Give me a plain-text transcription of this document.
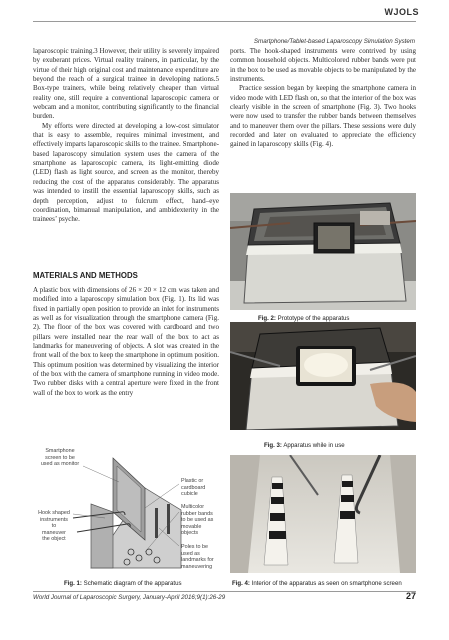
WJOLS
Smartphone/Tablet-based Laparoscopy Simulation System

laparoscopic training.3 However, their utility is severely impaired by exuberant prices. Virtual reality trainers, in particular, by the virtue of their high original cost and maintenance expenditure are beyond the reach of a surgical trainee in developing nations.5 Box-type trainers, while being relatively cheaper than virtual reality one, still require a conventional laparoscopic camera or webcam and a monitor, contributing significantly to the financial burden.

My efforts were directed at developing a low-cost simulator that is easy to assemble, requires minimal investment, and effectively imparts laparoscopic skills to the trainee. Smartphone-based laparoscopy simulation system uses the camera of the smartphone as laparoscopic camera, its light-emitting diode (LED) flash as light source, and screen as the monitor, thereby reducing the cost of the apparatus considerably. The apparatus was intended to instill the essential laparoscopy skills, such as depth perception, adjust to fulcrum effect, hand–eye coordination, bimanual manipulation, and ambidexterity in the trainees’ psyche.

MATERIALS AND METHODS

A plastic box with dimensions of 26 × 20 × 12 cm was taken and modified into a laparoscopy simulation box (Fig. 1). Its lid was fixed in partially open position to provide an inlet for instruments as well as for visualization through the smartphone camera (Fig. 2). The floor of the box was covered with cardboard and two pillars were installed near the rear wall of the box to act as landmarks for maneuvering of objects. A slot was created in the front wall of the box to keep the smartphone in optimum position. This optimum position was determined by visualizing the interior of the box with the camera of smartphone running in video mode. Two rubber disks with a central aperture were fixed in the front wall of the box to work as the entry

ports. The hook-shaped instruments were contrived by using common household objects. Multicolored rubber bands were put in the box to be used as movable objects to be manipulated by the instruments.

Practice session began by keeping the smartphone camera in video mode with LED flash on, so that the interior of the box was clearly visible in the screen of smartphone (Fig. 3). Two hooks were now used to transfer the rubber bands between themselves and to maneuver them over the pillars. These sessions were duly recorded and later on evaluated to appreciate the efficiency gained in laparoscopy skills (Fig. 4).

Fig. 2: Prototype of the apparatus
Fig. 3: Apparatus while in use
Fig. 4: Interior of the apparatus as seen on smartphone screen
Smartphone
screen to be
used as monitor
Hook shaped
instruments
to
maneuver
the object
Plastic or
cardboard
cubicle
Multicolor
rubber bands
to be used as
movable
objects
Poles to be
used as
landmarks for
maneuvering
Fig. 1: Schematic diagram of the apparatus
World Journal of Laparoscopic Surgery, January-April 2016;9(1):26-29	27
